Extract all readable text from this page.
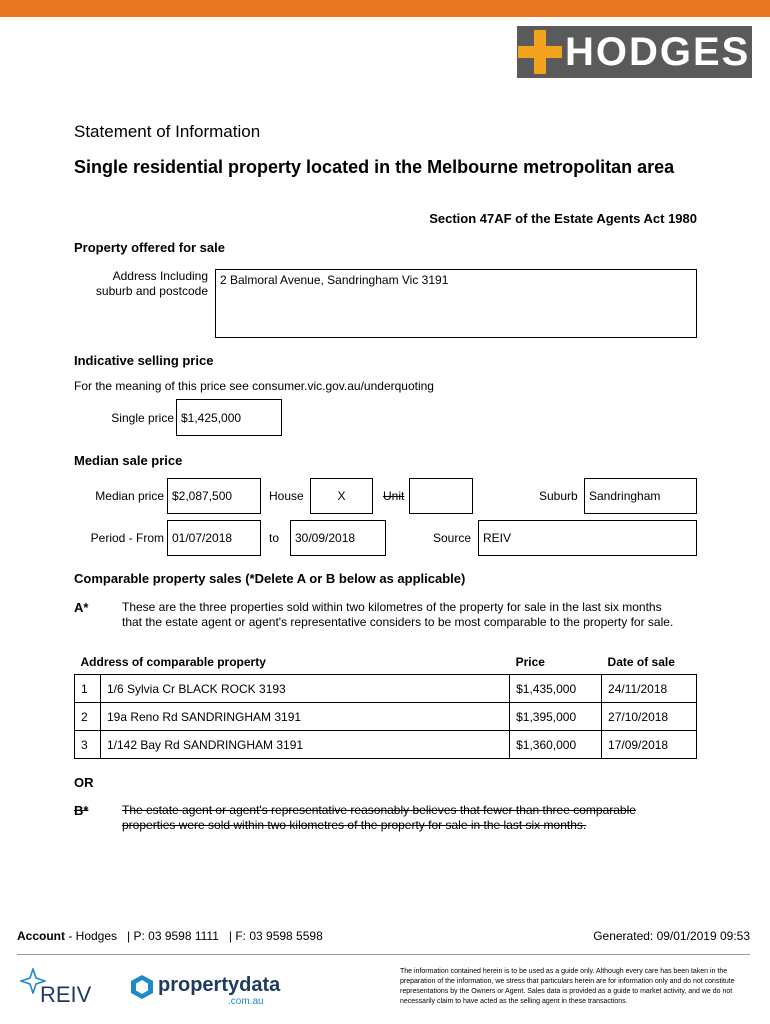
HODGES
Statement of Information
Single residential property located in the Melbourne metropolitan area
Section 47AF of the Estate Agents Act 1980
Property offered for sale
Address Including suburb and postcode
2 Balmoral Avenue, Sandringham Vic 3191
Indicative selling price
For the meaning of this price see consumer.vic.gov.au/underquoting
Single price $1,425,000
Median sale price
Median price $2,087,500	House	X	Unit	Suburb Sandringham
Period - From 01/07/2018	to 30/09/2018	Source REIV
Comparable property sales (*Delete A or B below as applicable)
A*	These are the three properties sold within two kilometres of the property for sale in the last six months that the estate agent or agent's representative considers to be most comparable to the property for sale.
Address of comparable property		Price	Date of sale
1	1/6 Sylvia Cr BLACK ROCK 3193	$1,435,000	24/11/2018
2	19a Reno Rd SANDRINGHAM 3191	$1,395,000	27/10/2018
3	1/142 Bay Rd SANDRINGHAM 3191	$1,360,000	17/09/2018
OR
B*	The estate agent or agent's representative reasonably believes that fewer than three comparable properties were sold within two kilometres of the property for sale in the last six months.
Account - Hodges   | P: 03 9598 1111   | F: 03 9598 5598	Generated: 09/01/2019 09:53
REIV	propertydata
.com.au
The information contained herein is to be used as a guide only. Although every care has been taken in the preparation of the information, we stress that particulars herein are for information only and do not constitute representations by the Owners or Agent. Sales data is provided as a guide to market activity, and we do not necessarily claim to have acted as the selling agent in these transactions.
